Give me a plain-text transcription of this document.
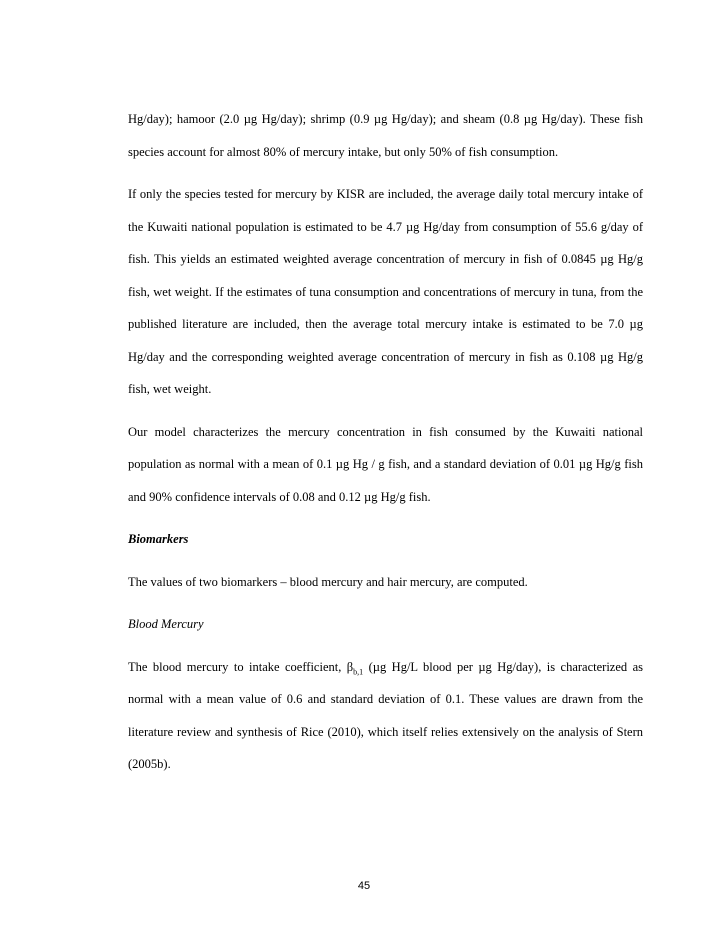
Hg/day); hamoor (2.0 µg Hg/day); shrimp (0.9 µg Hg/day); and sheam (0.8 µg Hg/day). These fish species account for almost 80% of mercury intake, but only 50% of fish consumption.

If only the species tested for mercury by KISR are included, the average daily total mercury intake of the Kuwaiti national population is estimated to be 4.7 µg Hg/day from consumption of 55.6 g/day of fish. This yields an estimated weighted average concentration of mercury in fish of 0.0845 µg Hg/g fish, wet weight. If the estimates of tuna consumption and concentrations of mercury in tuna, from the published literature are included, then the average total mercury intake is estimated to be 7.0 µg Hg/day and the corresponding weighted average concentration of mercury in fish as 0.108 µg Hg/g fish, wet weight.

Our model characterizes the mercury concentration in fish consumed by the Kuwaiti national population as normal with a mean of 0.1 µg Hg / g fish, and a standard deviation of 0.01 µg Hg/g fish and 90% confidence intervals of 0.08 and 0.12 µg Hg/g fish.

Biomarkers

The values of two biomarkers – blood mercury and hair mercury, are computed.

Blood Mercury

The blood mercury to intake coefficient, $\beta_{b,1}$ (µg Hg/L blood per µg Hg/day), is characterized as normal with a mean value of 0.6 and standard deviation of 0.1. These values are drawn from the literature review and synthesis of Rice (2010), which itself relies extensively on the analysis of Stern (2005b).

45
